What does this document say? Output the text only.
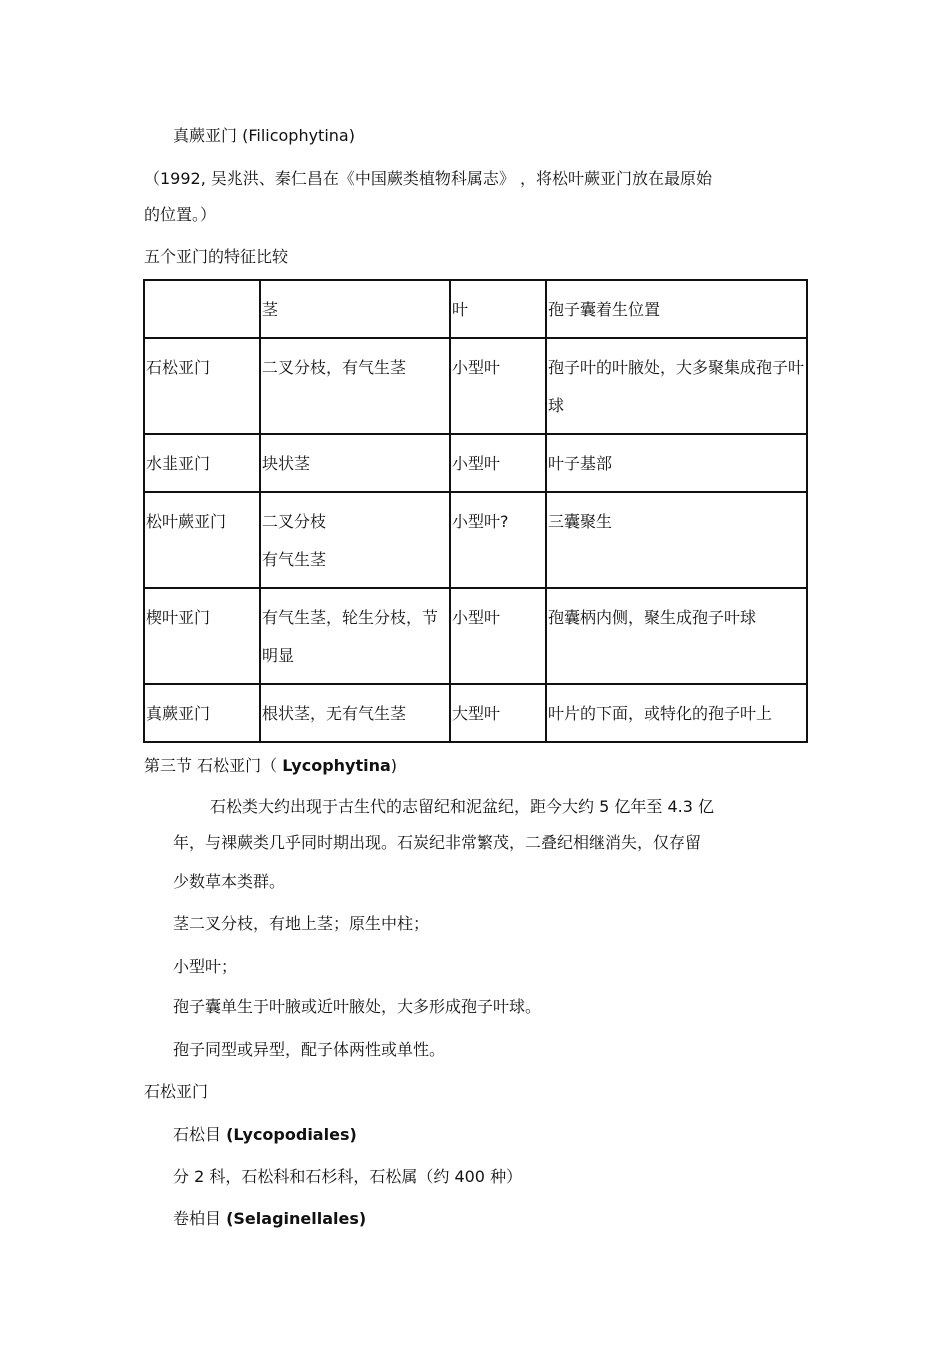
真蕨亚门 (Filicophytina)
（1992, 吴兆洪、秦仁昌在《中国蕨类植物科属志》 ，将松叶蕨亚门放在最原始
的位置。）
五个亚门的特征比较

	茎	叶	孢子囊着生位置

石松亚门	二叉分枝，有气生茎	小型叶	孢子叶的叶腋处，大多聚集成孢子叶球

水韭亚门	块状茎	小型叶	叶子基部

松叶蕨亚门	二叉分枝 有气生茎	小型叶?	三囊聚生

楔叶亚门	有气生茎，轮生分枝，节明显	小型叶	孢囊柄内侧，聚生成孢子叶球

真蕨亚门	根状茎，无有气生茎	大型叶	叶片的下面，或特化的孢子叶上
第三节 石松亚门（ Lycophytina)
石松类大约出现于古生代的志留纪和泥盆纪，距今大约 5 亿年至 4.3 亿
年，与裸蕨类几乎同时期出现。石炭纪非常繁茂，二叠纪相继消失，仅存留
少数草本类群。
茎二叉分枝，有地上茎；原生中柱；
小型叶；
孢子囊单生于叶腋或近叶腋处，大多形成孢子叶球。
孢子同型或异型，配子体两性或单性。
石松亚门
石松目 (Lycopodiales)
分 2 科，石松科和石杉科，石松属（约 400 种）
卷柏目 (Selaginellales)
